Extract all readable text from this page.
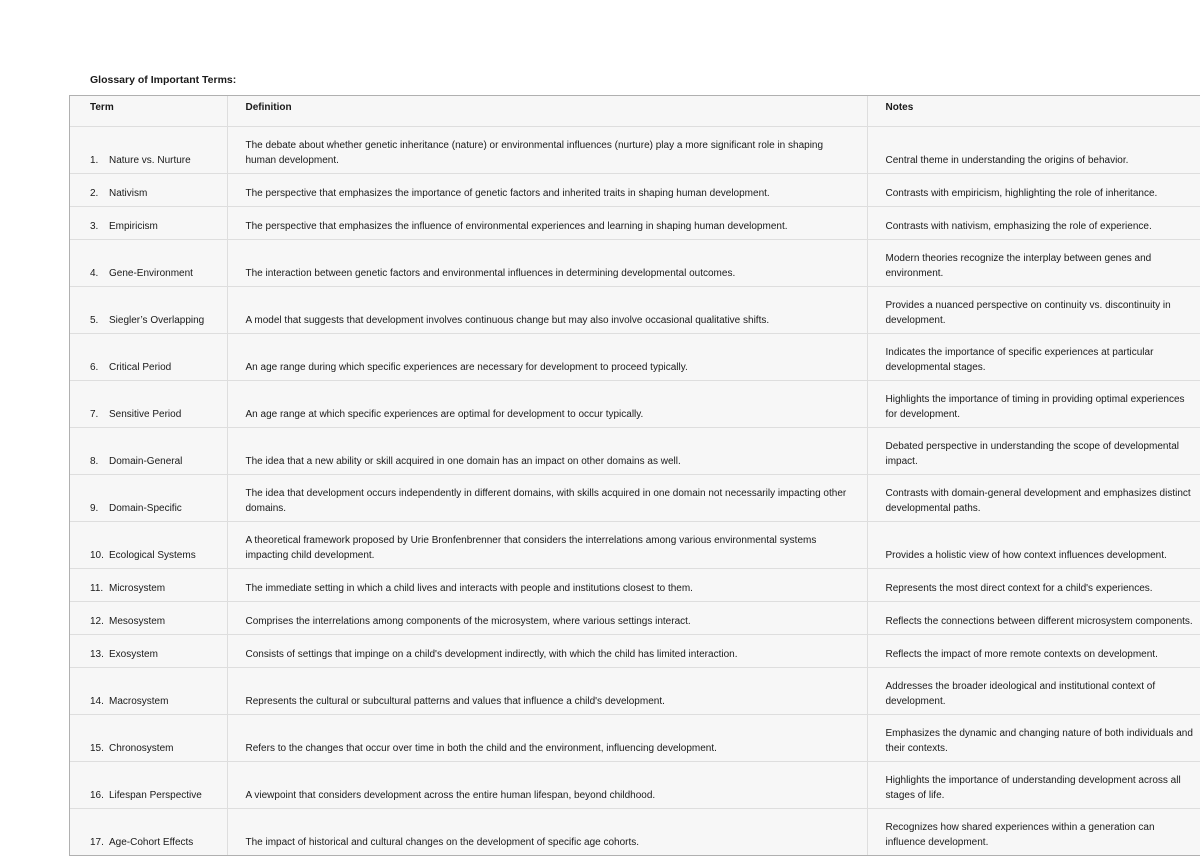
Glossary of Important Terms:
Term	Definition	Notes
1. Nature vs. Nurture	The debate about whether genetic inheritance (nature) or environmental influences (nurture) play a more significant role in shaping human development.	Central theme in understanding the origins of behavior.
2. Nativism	The perspective that emphasizes the importance of genetic factors and inherited traits in shaping human development.	Contrasts with empiricism, highlighting the role of inheritance.
3. Empiricism	The perspective that emphasizes the influence of environmental experiences and learning in shaping human development.	Contrasts with nativism, emphasizing the role of experience.
4. Gene-Environment	The interaction between genetic factors and environmental influences in determining developmental outcomes.	Modern theories recognize the interplay between genes and environment.
5. Siegler’s Overlapping	A model that suggests that development involves continuous change but may also involve occasional qualitative shifts.	Provides a nuanced perspective on continuity vs. discontinuity in development.
6. Critical Period	An age range during which specific experiences are necessary for development to proceed typically.	Indicates the importance of specific experiences at particular developmental stages.
7. Sensitive Period	An age range at which specific experiences are optimal for development to occur typically.	Highlights the importance of timing in providing optimal experiences for development.
8. Domain-General	The idea that a new ability or skill acquired in one domain has an impact on other domains as well.	Debated perspective in understanding the scope of developmental impact.
9. Domain-Specific	The idea that development occurs independently in different domains, with skills acquired in one domain not necessarily impacting other domains.	Contrasts with domain-general development and emphasizes distinct developmental paths.
10. Ecological Systems	A theoretical framework proposed by Urie Bronfenbrenner that considers the interrelations among various environmental systems impacting child development.	Provides a holistic view of how context influences development.
11. Microsystem	The immediate setting in which a child lives and interacts with people and institutions closest to them.	Represents the most direct context for a child's experiences.
12. Mesosystem	Comprises the interrelations among components of the microsystem, where various settings interact.	Reflects the connections between different microsystem components.
13. Exosystem	Consists of settings that impinge on a child's development indirectly, with which the child has limited interaction.	Reflects the impact of more remote contexts on development.
14. Macrosystem	Represents the cultural or subcultural patterns and values that influence a child's development.	Addresses the broader ideological and institutional context of development.
15. Chronosystem	Refers to the changes that occur over time in both the child and the environment, influencing development.	Emphasizes the dynamic and changing nature of both individuals and their contexts.
16. Lifespan Perspective	A viewpoint that considers development across the entire human lifespan, beyond childhood.	Highlights the importance of understanding development across all stages of life.
17. Age-Cohort Effects	The impact of historical and cultural changes on the development of specific age cohorts.	Recognizes how shared experiences within a generation can influence development.
